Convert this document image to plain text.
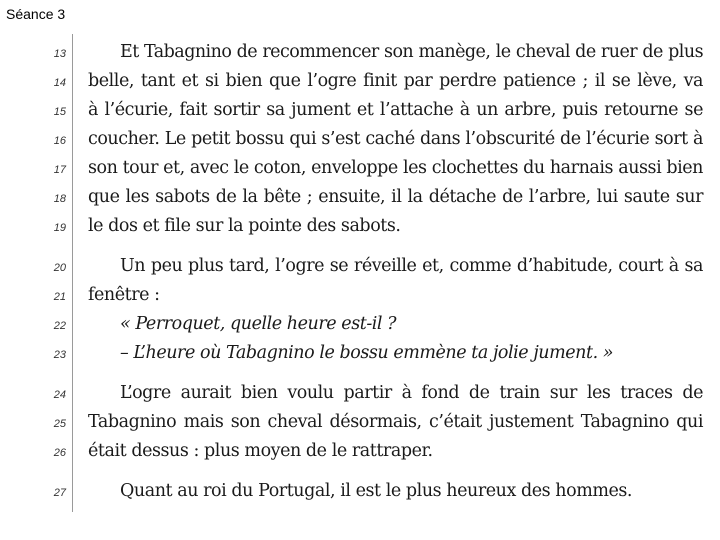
Séance 3
13	Et Tabagnino de recommencer son manège, le cheval de ruer de plus
14 belle, tant et si bien que l’ogre finit par perdre patience ; il se lève, va
15 à l’écurie, fait sortir sa jument et l’attache à un arbre, puis retourne se
16 coucher. Le petit bossu qui s’est caché dans l’obscurité de l’écurie sort à
17 son tour et, avec le coton, enveloppe les clochettes du harnais aussi bien
18 que les sabots de la bête ; ensuite, il la détache de l’arbre, lui saute sur
19 le dos et file sur la pointe des sabots.
20	Un peu plus tard, l’ogre se réveille et, comme d’habitude, court à sa
21 fenêtre :
22	« Perroquet, quelle heure est-il ?
23	– L’heure où Tabagnino le bossu emmène ta jolie jument. »
24	L’ogre aurait bien voulu partir à fond de train sur les traces de
25 Tabagnino mais son cheval désormais, c’était justement Tabagnino qui
26 était dessus : plus moyen de le rattraper.
27	Quant au roi du Portugal, il est le plus heureux des hommes.
